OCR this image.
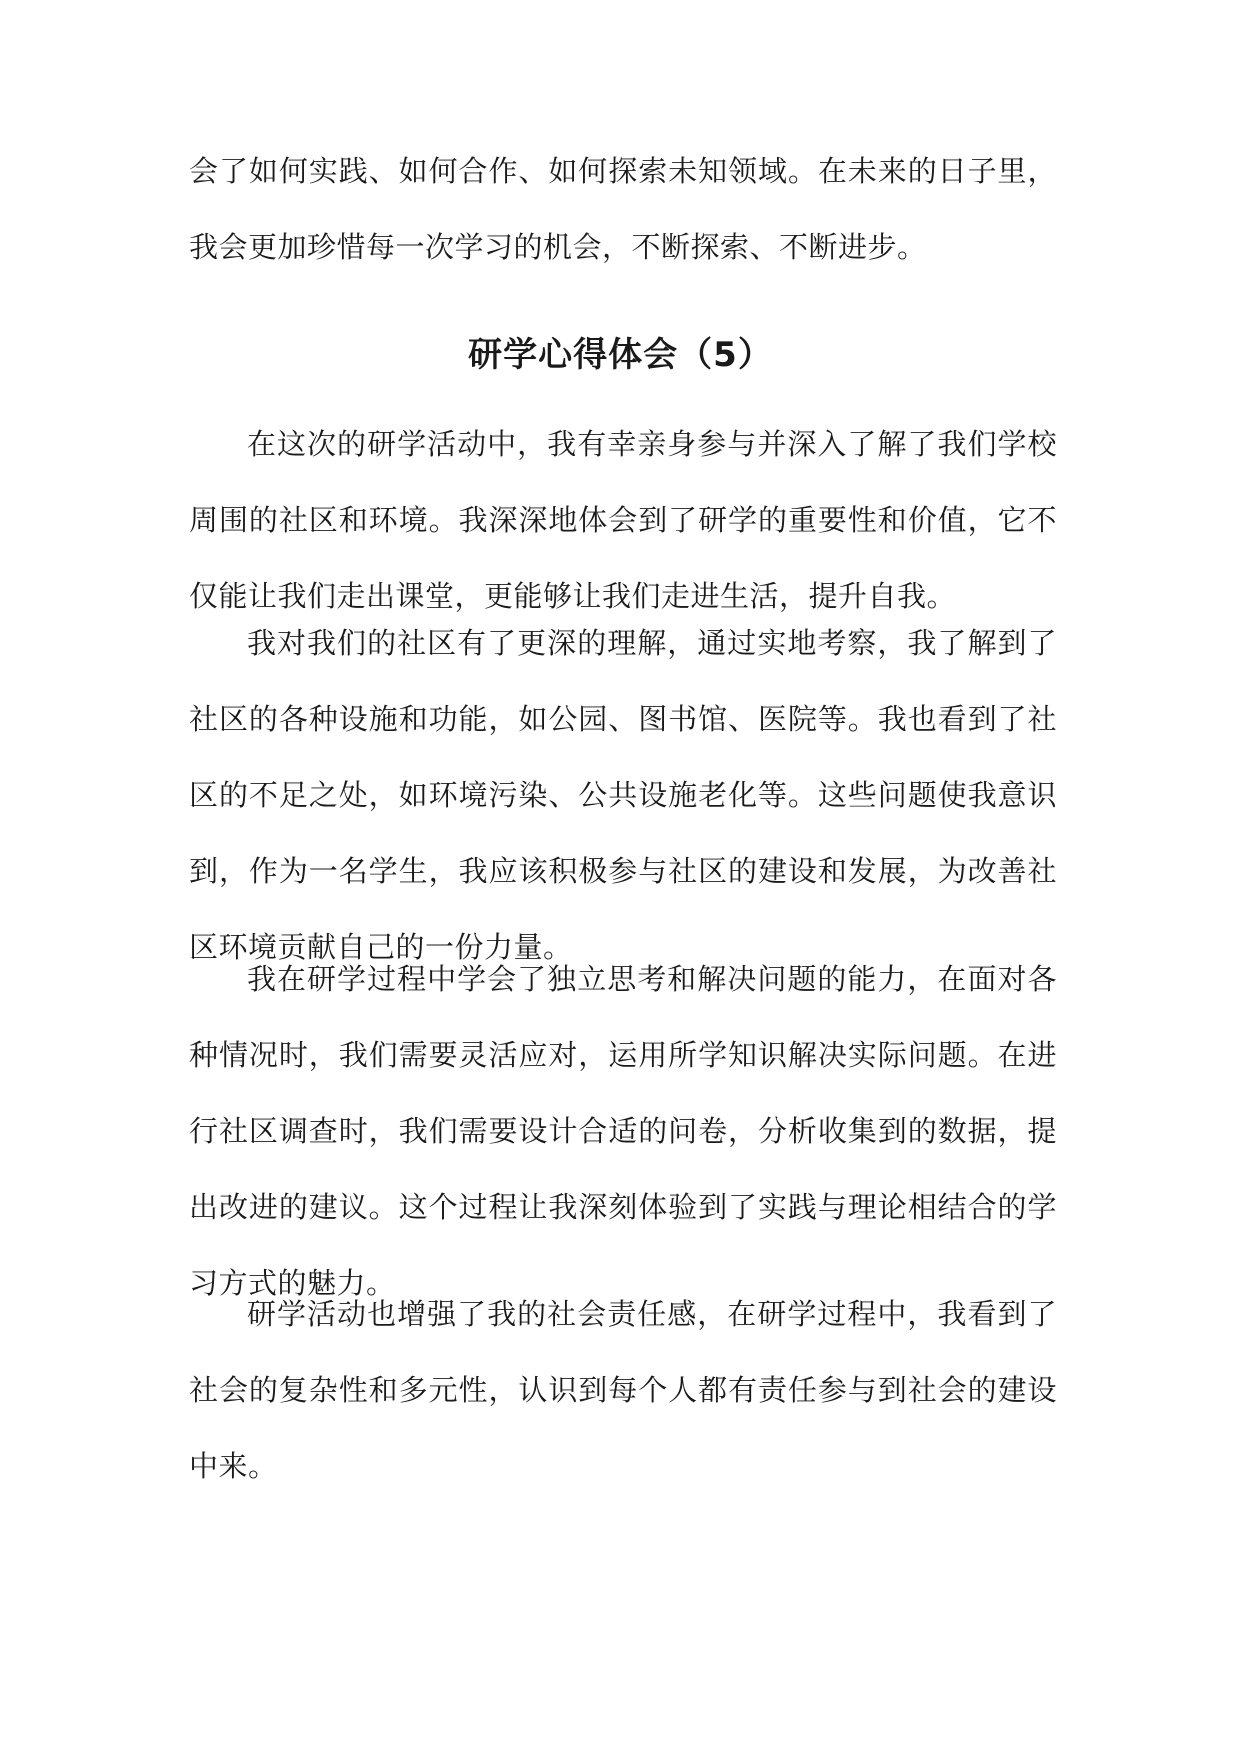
会了如何实践、如何合作、如何探索未知领域。在未来的日子里，我会更加珍惜每一次学习的机会，不断探索、不断进步。

研学心得体会（5）

在这次的研学活动中，我有幸亲身参与并深入了解了我们学校周围的社区和环境。我深深地体会到了研学的重要性和价值，它不仅能让我们走出课堂，更能够让我们走进生活，提升自我。

我对我们的社区有了更深的理解，通过实地考察，我了解到了社区的各种设施和功能，如公园、图书馆、医院等。我也看到了社区的不足之处，如环境污染、公共设施老化等。这些问题使我意识到，作为一名学生，我应该积极参与社区的建设和发展，为改善社区环境贡献自己的一份力量。

我在研学过程中学会了独立思考和解决问题的能力，在面对各种情况时，我们需要灵活应对，运用所学知识解决实际问题。在进行社区调查时，我们需要设计合适的问卷，分析收集到的数据，提出改进的建议。这个过程让我深刻体验到了实践与理论相结合的学习方式的魅力。

研学活动也增强了我的社会责任感，在研学过程中，我看到了社会的复杂性和多元性，认识到每个人都有责任参与到社会的建设中来。
